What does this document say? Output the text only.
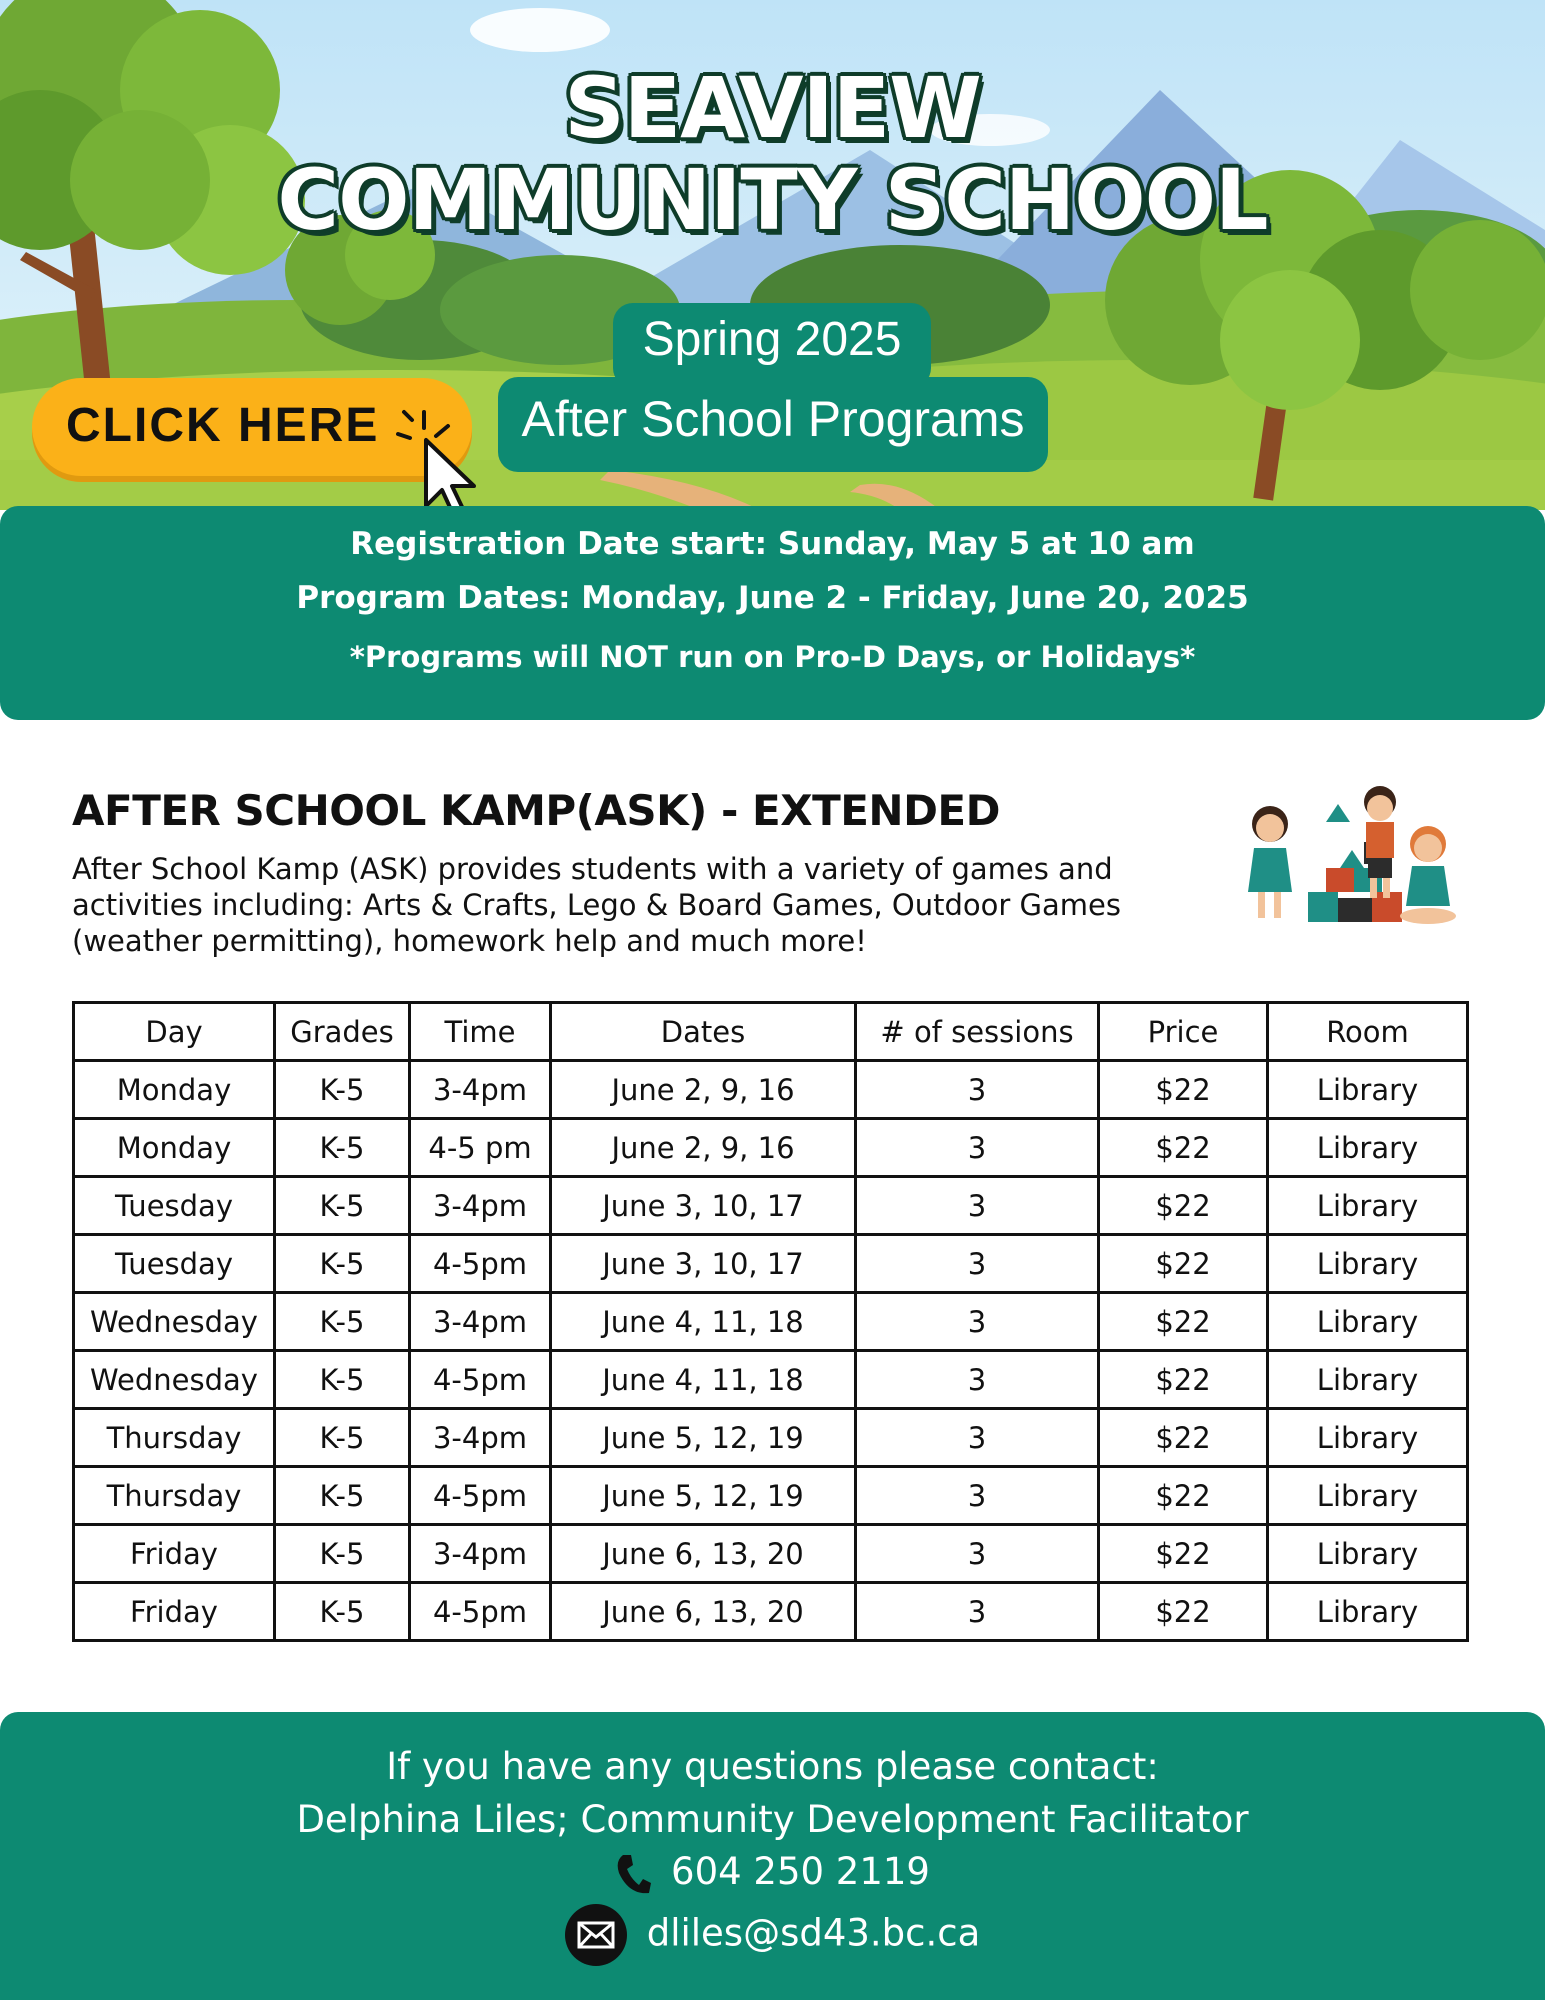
SEAVIEW
COMMUNITY SCHOOL
Spring 2025
After School Programs
CLICK HERE
Registration Date start: Sunday, May 5 at 10 am
Program Dates: Monday, June 2 - Friday, June 20, 2025
*Programs will NOT run on Pro-D Days, or Holidays*
AFTER SCHOOL KAMP(ASK) - EXTENDED
After School Kamp (ASK) provides students with a variety of games and activities including: Arts & Crafts, Lego & Board Games, Outdoor Games (weather permitting), homework help and much more!
Day	Grades	Time	Dates	# of sessions	Price	Room
Monday	K-5	3-4pm	June 2, 9, 16	3	$22	Library
Monday	K-5	4-5 pm	June 2, 9, 16	3	$22	Library
Tuesday	K-5	3-4pm	June 3, 10, 17	3	$22	Library
Tuesday	K-5	4-5pm	June 3, 10, 17	3	$22	Library
Wednesday	K-5	3-4pm	June 4, 11, 18	3	$22	Library
Wednesday	K-5	4-5pm	June 4, 11, 18	3	$22	Library
Thursday	K-5	3-4pm	June 5, 12, 19	3	$22	Library
Thursday	K-5	4-5pm	June 5, 12, 19	3	$22	Library
Friday	K-5	3-4pm	June 6, 13, 20	3	$22	Library
Friday	K-5	4-5pm	June 6, 13, 20	3	$22	Library
If you have any questions please contact:
Delphina Liles; Community Development Facilitator
604 250 2119
dliles@sd43.bc.ca
